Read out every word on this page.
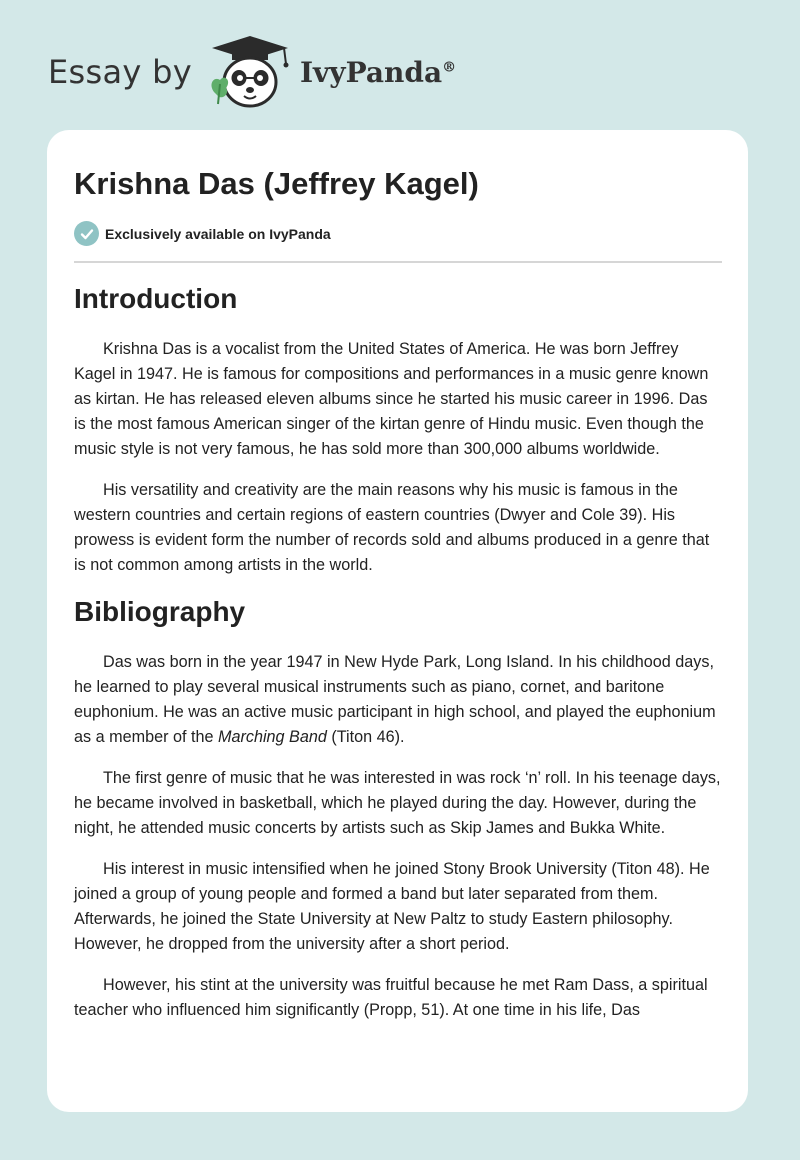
Essay by	IvyPanda®
Krishna Das (Jeffrey Kagel)
Exclusively available on IvyPanda
Introduction

Krishna Das is a vocalist from the United States of America. He was born Jeffrey Kagel in 1947. He is famous for compositions and performances in a music genre known as kirtan. He has released eleven albums since he started his music career in 1996. Das is the most famous American singer of the kirtan genre of Hindu music. Even though the music style is not very famous, he has sold more than 300,000 albums worldwide.

His versatility and creativity are the main reasons why his music is famous in the western countries and certain regions of eastern countries (Dwyer and Cole 39). His prowess is evident form the number of records sold and albums produced in a genre that is not common among artists in the world.

Bibliography

Das was born in the year 1947 in New Hyde Park, Long Island. In his childhood days, he learned to play several musical instruments such as piano, cornet, and baritone euphonium. He was an active music participant in high school, and played the euphonium as a member of the Marching Band (Titon 46).

The first genre of music that he was interested in was rock ‘n’ roll. In his teenage days, he became involved in basketball, which he played during the day. However, during the night, he attended music concerts by artists such as Skip James and Bukka White.

His interest in music intensified when he joined Stony Brook University (Titon 48). He joined a group of young people and formed a band but later separated from them. Afterwards, he joined the State University at New Paltz to study Eastern philosophy. However, he dropped from the university after a short period.

However, his stint at the university was fruitful because he met Ram Dass, a spiritual teacher who influenced him significantly (Propp, 51). At one time in his life, Das
